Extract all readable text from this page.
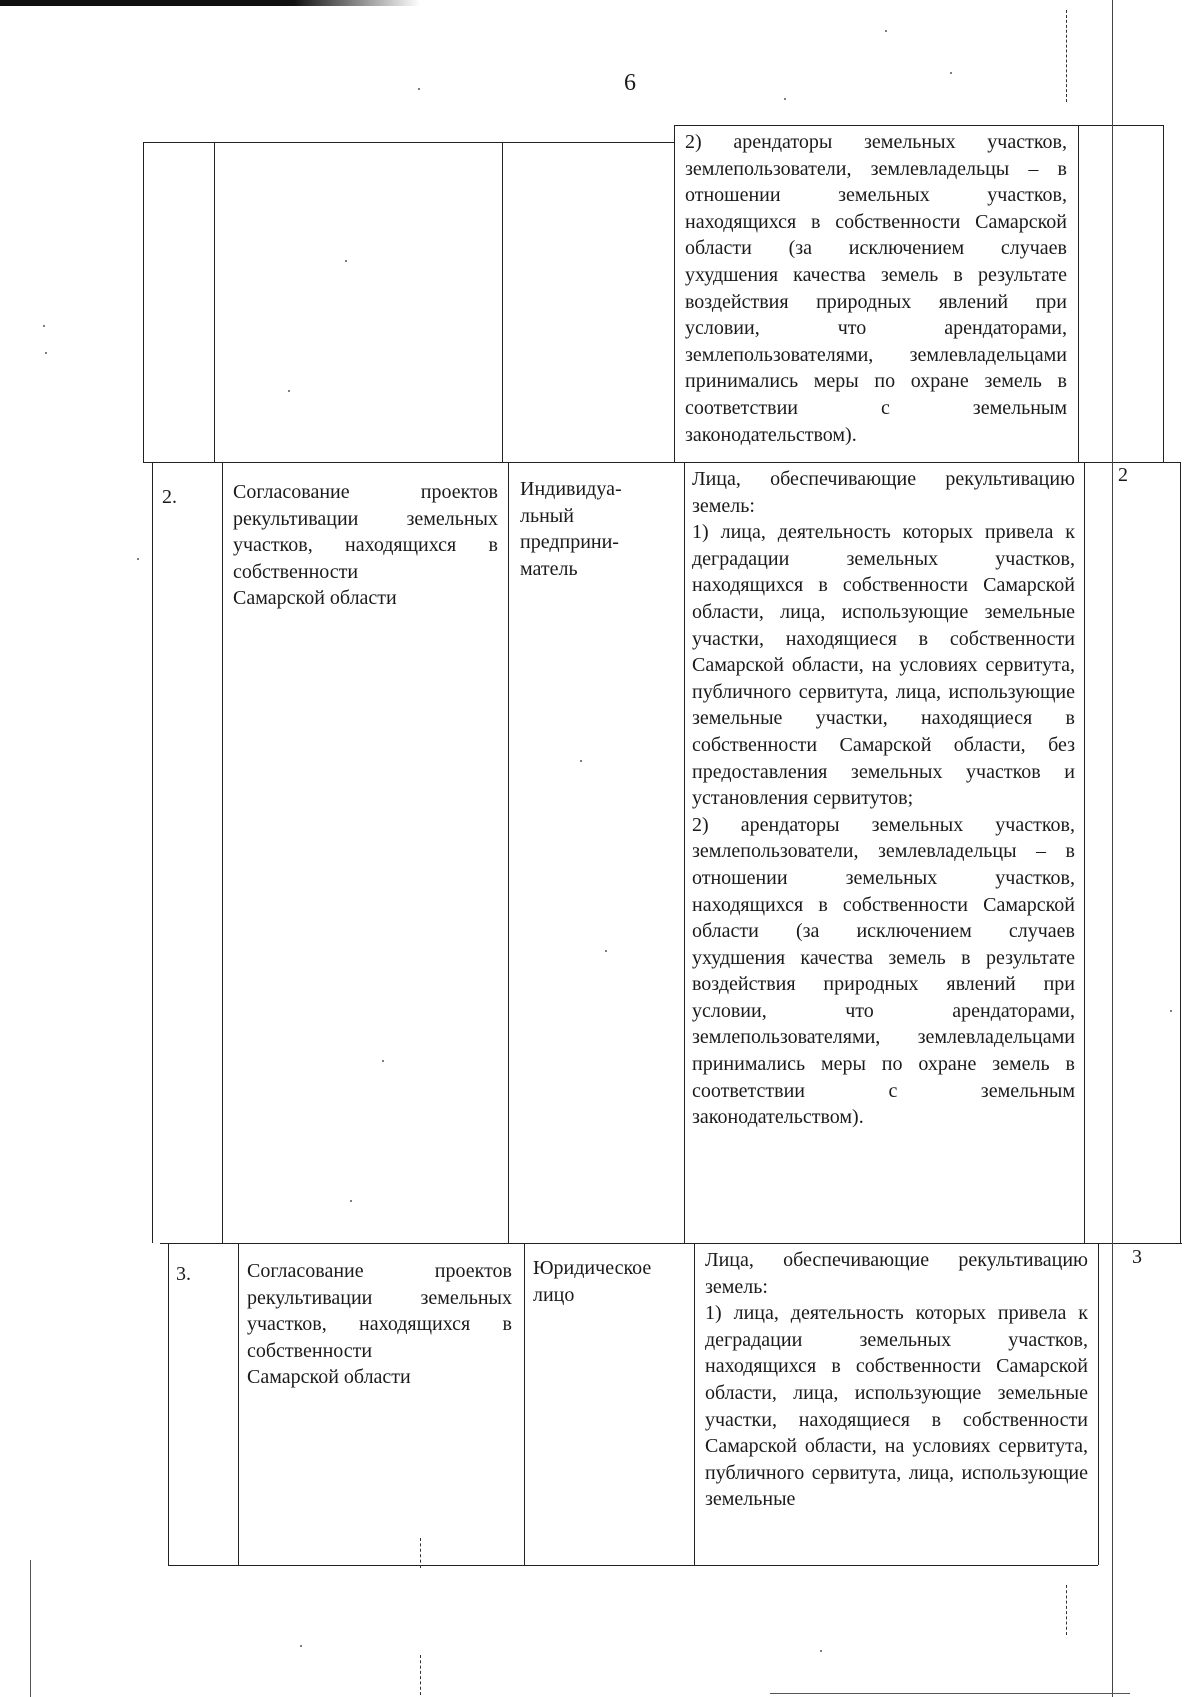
6

2) арендаторы земельных участков, землепользователи, землевладельцы – в отношении земельных участков, находящихся в собственности Самарской области (за исключением случаев ухудшения качества земель в результате воздействия природных явлений при условии, что арендаторами, землепользователями, землевладельцами принимались меры по охране земель в соответствии с земельным законодательством).

2.	Согласование проектов рекультивации земельных участков, находящихся в собственности

Самарской области

Индивидуа-
льный
предприни-
матель

Лица, обеспечивающие рекультивацию земель:

1) лица, деятельность которых привела к деградации земельных участков, находящихся в собственности Самарской области, лица, использующие земельные участки, находящиеся в собственности Самарской области, на условиях сервитута, публичного сервитута, лица, использующие земельные участки, находящиеся в собственности Самарской области, без предоставления земельных участков и установления сервитутов;

2) арендаторы земельных участков, землепользователи, землевладельцы – в отношении земельных участков, находящихся в собственности Самарской области (за исключением случаев ухудшения качества земель в результате воздействия природных явлений при условии, что арендаторами, землепользователями, землевладельцами принимались меры по охране земель в соответствии с земельным законодательством).

2
3.	Согласование проектов рекультивации земельных участков, находящихся в собственности

Самарской области

Юридическое
лицо

Лица, обеспечивающие рекультивацию земель:

1) лица, деятельность которых привела к деградации земельных участков, находящихся в собственности Самарской области, лица, использующие земельные участки, находящиеся в собственности Самарской области, на условиях сервитута, публичного сервитута, лица, использующие земельные

3
